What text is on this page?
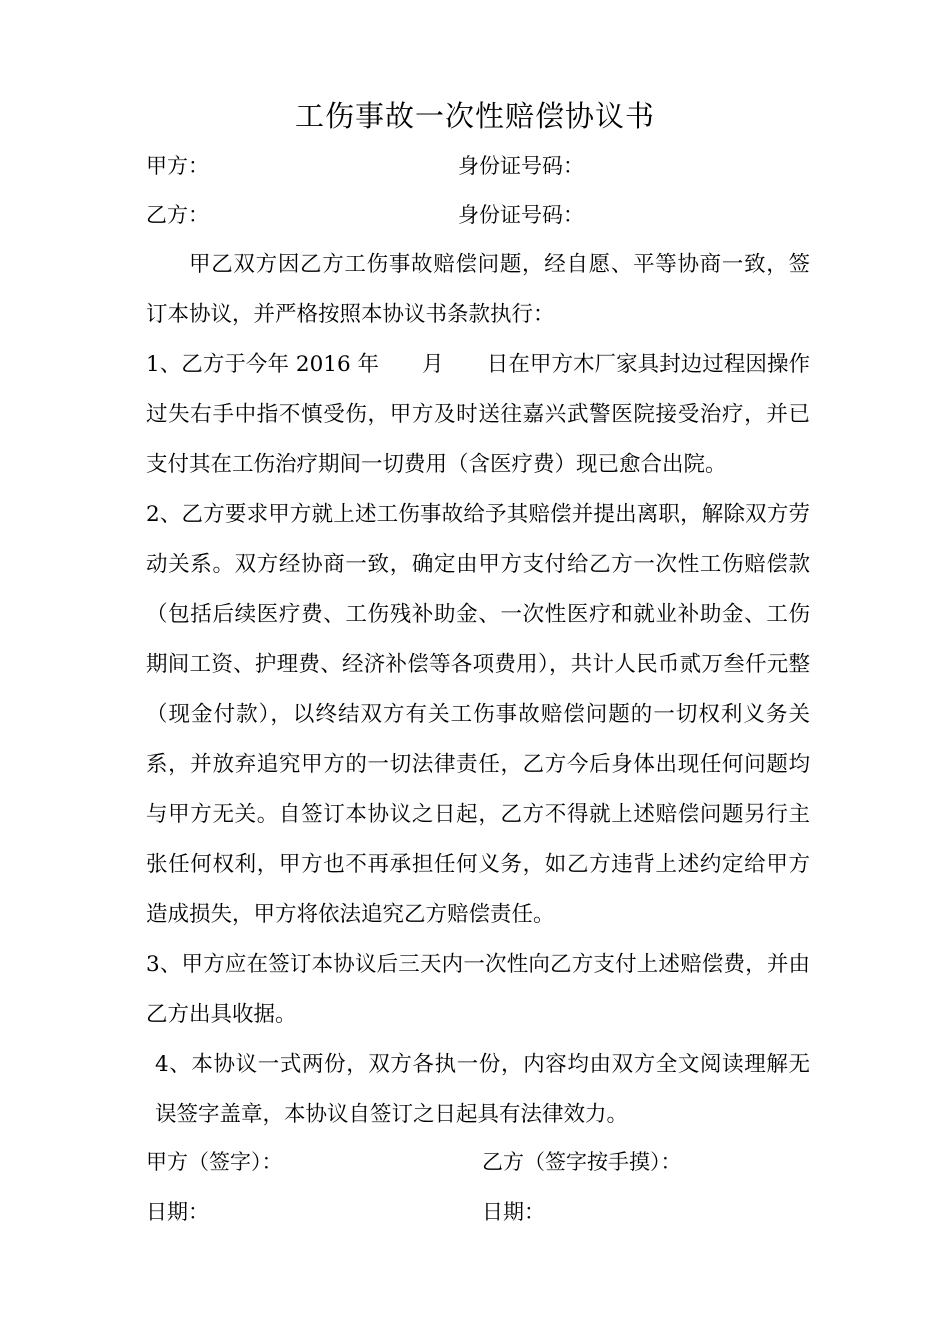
工伤事故一次性赔偿协议书
甲方：	身份证号码：
乙方：	身份证号码：

甲乙双方因乙方工伤事故赔偿问题，经自愿、平等协商一致，签订本协议，并严格按照本协议书条款执行：

1、乙方于今年 2016 年　　月　　日在甲方木厂家具封边过程因操作过失右手中指不慎受伤，甲方及时送往嘉兴武警医院接受治疗，并已支付其在工伤治疗期间一切费用（含医疗费）现已愈合出院。

2、乙方要求甲方就上述工伤事故给予其赔偿并提出离职，解除双方劳动关系。双方经协商一致，确定由甲方支付给乙方一次性工伤赔偿款（包括后续医疗费、工伤残补助金、一次性医疗和就业补助金、工伤期间工资、护理费、经济补偿等各项费用），共计人民币贰万叁仟元整（现金付款），以终结双方有关工伤事故赔偿问题的一切权利义务关系，并放弃追究甲方的一切法律责任，乙方今后身体出现任何问题均与甲方无关。自签订本协议之日起，乙方不得就上述赔偿问题另行主张任何权利，甲方也不再承担任何义务，如乙方违背上述约定给甲方造成损失，甲方将依法追究乙方赔偿责任。

3、甲方应在签订本协议后三天内一次性向乙方支付上述赔偿费，并由乙方出具收据。

4、本协议一式两份，双方各执一份，内容均由双方全文阅读理解无误签字盖章，本协议自签订之日起具有法律效力。

甲方（签字）：	乙方（签字按手摸）：
日期：	日期：
